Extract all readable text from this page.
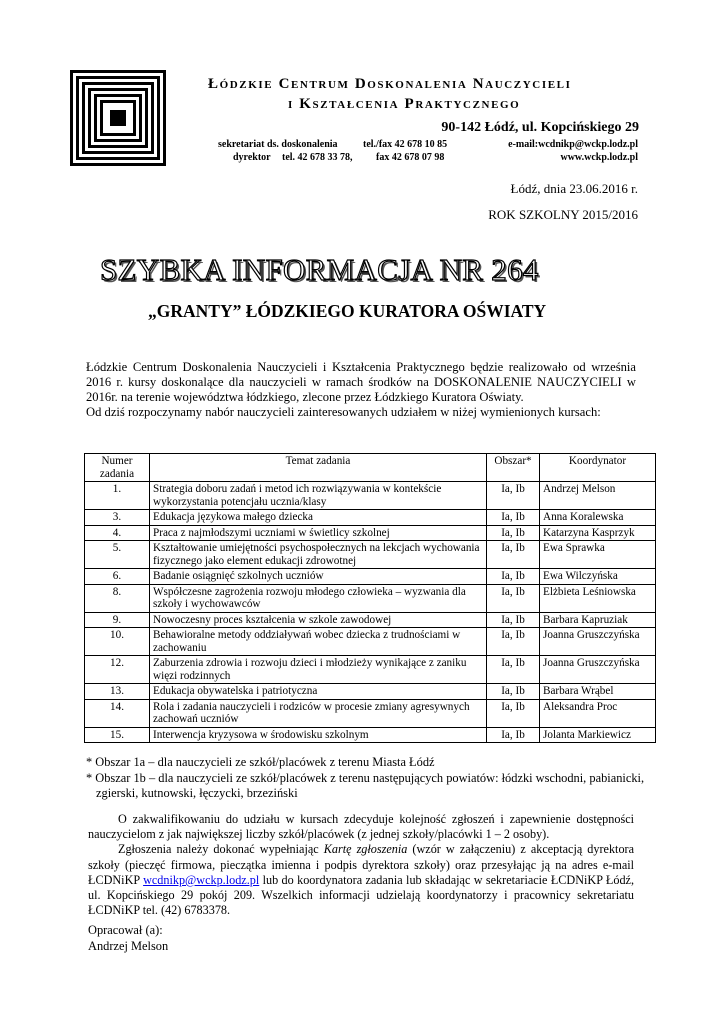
Łódzkie Centrum Doskonalenia Nauczycieli
i Kształcenia Praktycznego
90-142 Łódź, ul. Kopcińskiego 29
sekretariat ds. doskonalenia	tel./fax 42 678 10 85	e-mail:wcdnikp@wckp.lodz.pl
dyrektor tel. 42 678 33 78, fax 42 678 07 98	www.wckp.lodz.pl
Łódź, dnia 23.06.2016 r.
ROK SZKOLNY 2015/2016
SZYBKA INFORMACJA NR 264
„GRANTY” ŁÓDZKIEGO KURATORA OŚWIATY

Łódzkie Centrum Doskonalenia Nauczycieli i Kształcenia Praktycznego będzie realizowało od września 2016 r. kursy doskonalące dla nauczycieli w ramach środków na DOSKONALENIE NAUCZYCIELI w 2016r. na terenie województwa łódzkiego, zlecone przez Łódzkiego Kuratora Oświaty.

Od dziś rozpoczynamy nabór nauczycieli zainteresowanych udziałem w niżej wymienionych kursach:

Numer zadania	Temat zadania	Obszar*	Koordynator
1.	Strategia doboru zadań i metod ich rozwiązywania w kontekście wykorzystania potencjału ucznia/klasy	Ia, Ib	Andrzej Melson
3.	Edukacja językowa małego dziecka	Ia, Ib	Anna Koralewska
4.	Praca z najmłodszymi uczniami w świetlicy szkolnej	Ia, Ib	Katarzyna Kasprzyk
5.	Kształtowanie umiejętności psychospołecznych na lekcjach wychowania fizycznego jako element edukacji zdrowotnej	Ia, Ib	Ewa Sprawka
6.	Badanie osiągnięć szkolnych uczniów	Ia, Ib	Ewa Wilczyńska
8.	Współczesne zagrożenia rozwoju młodego człowieka – wyzwania dla szkoły i wychowawców	Ia, Ib	Elżbieta Leśniowska
9.	Nowoczesny proces kształcenia w szkole zawodowej	Ia, Ib	Barbara Kapruziak
10.	Behawioralne metody oddziaływań wobec dziecka z trudnościami w zachowaniu	Ia, Ib	Joanna Gruszczyńska
12.	Zaburzenia zdrowia i rozwoju dzieci i młodzieży wynikające z zaniku więzi rodzinnych	Ia, Ib	Joanna Gruszczyńska
13.	Edukacja obywatelska i patriotyczna	Ia, Ib	Barbara Wrąbel
14.	Rola i zadania nauczycieli i rodziców w procesie zmiany agresywnych zachowań uczniów	Ia, Ib	Aleksandra Proc
15.	Interwencja kryzysowa w środowisku szkolnym	Ia, Ib	Jolanta Markiewicz

* Obszar 1a – dla nauczycieli ze szkół/placówek z terenu Miasta Łódź

* Obszar 1b – dla nauczycieli ze szkół/placówek z terenu następujących powiatów: łódzki wschodni, pabianicki,

zgierski, kutnowski, łęczycki, brzeziński

O zakwalifikowaniu do udziału w kursach zdecyduje kolejność zgłoszeń i zapewnienie dostępności nauczycielom z jak największej liczby szkół/placówek (z jednej szkoły/placówki 1 – 2 osoby).

Zgłoszenia należy dokonać wypełniając Kartę zgłoszenia (wzór w załączeniu) z akceptacją dyrektora szkoły (pieczęć firmowa, pieczątka imienna i podpis dyrektora szkoły) oraz przesyłając ją na adres e-mail ŁCDNiKP wcdnikp@wckp.lodz.pl lub do koordynatora zadania lub składając w sekretariacie ŁCDNiKP Łódź, ul. Kopcińskiego 29 pokój 209. Wszelkich informacji udzielają koordynatorzy i pracownicy sekretariatu ŁCDNiKP tel. (42) 6783378.

Opracował (a):
Andrzej Melson
